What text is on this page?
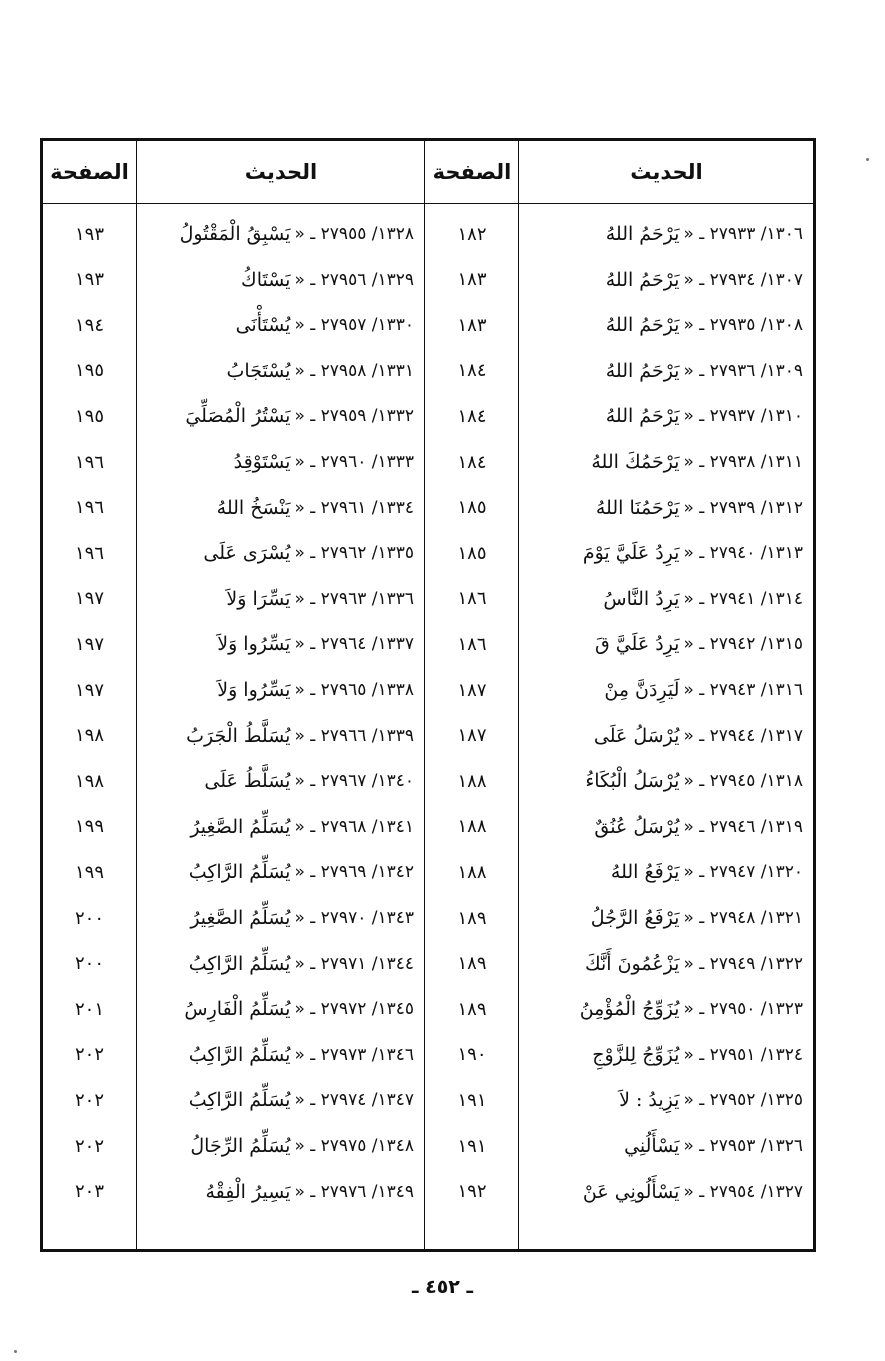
الحديث
الصفحة
الحديث
الصفحة
١٣٠٦/ ٢٧٩٣٣ ـ «
يَرْحَمُ اللهُ
١٨٢
١٣٠٧/ ٢٧٩٣٤ ـ «
يَرْحَمُ اللهُ
١٨٣
١٣٠٨/ ٢٧٩٣٥ ـ «
يَرْحَمُ اللهُ
١٨٣
١٣٠٩/ ٢٧٩٣٦ ـ «
يَرْحَمُ اللهُ
١٨٤
١٣١٠/ ٢٧٩٣٧ ـ «
يَرْحَمُ اللهُ
١٨٤
١٣١١/ ٢٧٩٣٨ ـ «
يَرْحَمُكَ اللهُ
١٨٤
١٣١٢/ ٢٧٩٣٩ ـ «
يَرْحَمُنَا اللهُ
١٨٥
١٣١٣/ ٢٧٩٤٠ ـ «
يَرِدُ عَلَيَّ يَوْمَ
١٨٥
١٣١٤/ ٢٧٩٤١ ـ «
يَرِدُ النَّاسُ
١٨٦
١٣١٥/ ٢٧٩٤٢ ـ «
يَرِدُ عَلَيَّ قَ
١٨٦
١٣١٦/ ٢٧٩٤٣ ـ «
لَيَرِدَنَّ مِنْ
١٨٧
١٣١٧/ ٢٧٩٤٤ ـ «
يُرْسَلُ عَلَى
١٨٧
١٣١٨/ ٢٧٩٤٥ ـ «
يُرْسَلُ الْبُكَاءُ
١٨٨
١٣١٩/ ٢٧٩٤٦ ـ «
يُرْسَلُ عُنُقٌ
١٨٨
١٣٢٠/ ٢٧٩٤٧ ـ «
يَرْفَعُ اللهُ
١٨٨
١٣٢١/ ٢٧٩٤٨ ـ «
يَرْفَعُ الرَّجُلُ
١٨٩
١٣٢٢/ ٢٧٩٤٩ ـ «
يَزْعُمُونَ أَنَّكَ
١٨٩
١٣٢٣/ ٢٧٩٥٠ ـ «
يُزَوِّجُ الْمُؤْمِنُ
١٨٩
١٣٢٤/ ٢٧٩٥١ ـ «
يُزَوِّجُ لِلزَّوْجِ
١٩٠
١٣٢٥/ ٢٧٩٥٢ ـ «
يَزِيدُ : لاَ
١٩١
١٣٢٦/ ٢٧٩٥٣ ـ «
يَسْأَلُنِي
١٩١
١٣٢٧/ ٢٧٩٥٤ ـ «
يَسْأَلُونِي عَنْ
١٩٢
١٣٢٨/ ٢٧٩٥٥ ـ «
يَسْبِقُ الْمَقْتُولُ
١٩٣
١٣٢٩/ ٢٧٩٥٦ ـ «
يَسْتَاكُ
١٩٣
١٣٣٠/ ٢٧٩٥٧ ـ «
يُسْتَأْنَى
١٩٤
١٣٣١/ ٢٧٩٥٨ ـ «
يُسْتَجَابُ
١٩٥
١٣٣٢/ ٢٧٩٥٩ ـ «
يَسْتُرُ الْمُصَلِّيَ
١٩٥
١٣٣٣/ ٢٧٩٦٠ ـ «
يَسْتَوْقِدُ
١٩٦
١٣٣٤/ ٢٧٩٦١ ـ «
يَنْسَخُ اللهُ
١٩٦
١٣٣٥/ ٢٧٩٦٢ ـ «
يُسْرَى عَلَى
١٩٦
١٣٣٦/ ٢٧٩٦٣ ـ «
يَسِّرَا وَلاَ
١٩٧
١٣٣٧/ ٢٧٩٦٤ ـ «
يَسِّرُوا وَلاَ
١٩٧
١٣٣٨/ ٢٧٩٦٥ ـ «
يَسِّرُوا وَلاَ
١٩٧
١٣٣٩/ ٢٧٩٦٦ ـ «
يُسَلَّطُ الْجَرَبُ
١٩٨
١٣٤٠/ ٢٧٩٦٧ ـ «
يُسَلَّطُ عَلَى
١٩٨
١٣٤١/ ٢٧٩٦٨ ـ «
يُسَلِّمُ الصَّغِيرُ
١٩٩
١٣٤٢/ ٢٧٩٦٩ ـ «
يُسَلِّمُ الرَّاكِبُ
١٩٩
١٣٤٣/ ٢٧٩٧٠ ـ «
يُسَلِّمُ الصَّغِيرُ
٢٠٠
١٣٤٤/ ٢٧٩٧١ ـ «
يُسَلِّمُ الرَّاكِبُ
٢٠٠
١٣٤٥/ ٢٧٩٧٢ ـ «
يُسَلِّمُ الْفَارِسُ
٢٠١
١٣٤٦/ ٢٧٩٧٣ ـ «
يُسَلِّمُ الرَّاكِبُ
٢٠٢
١٣٤٧/ ٢٧٩٧٤ ـ «
يُسَلِّمُ الرَّاكِبُ
٢٠٢
١٣٤٨/ ٢٧٩٧٥ ـ «
يُسَلِّمُ الرِّجَالُ
٢٠٢
١٣٤٩/ ٢٧٩٧٦ ـ «
يَسِيرُ الْفِقْهُ
٢٠٣
ـ ٤٥٢ ـ
